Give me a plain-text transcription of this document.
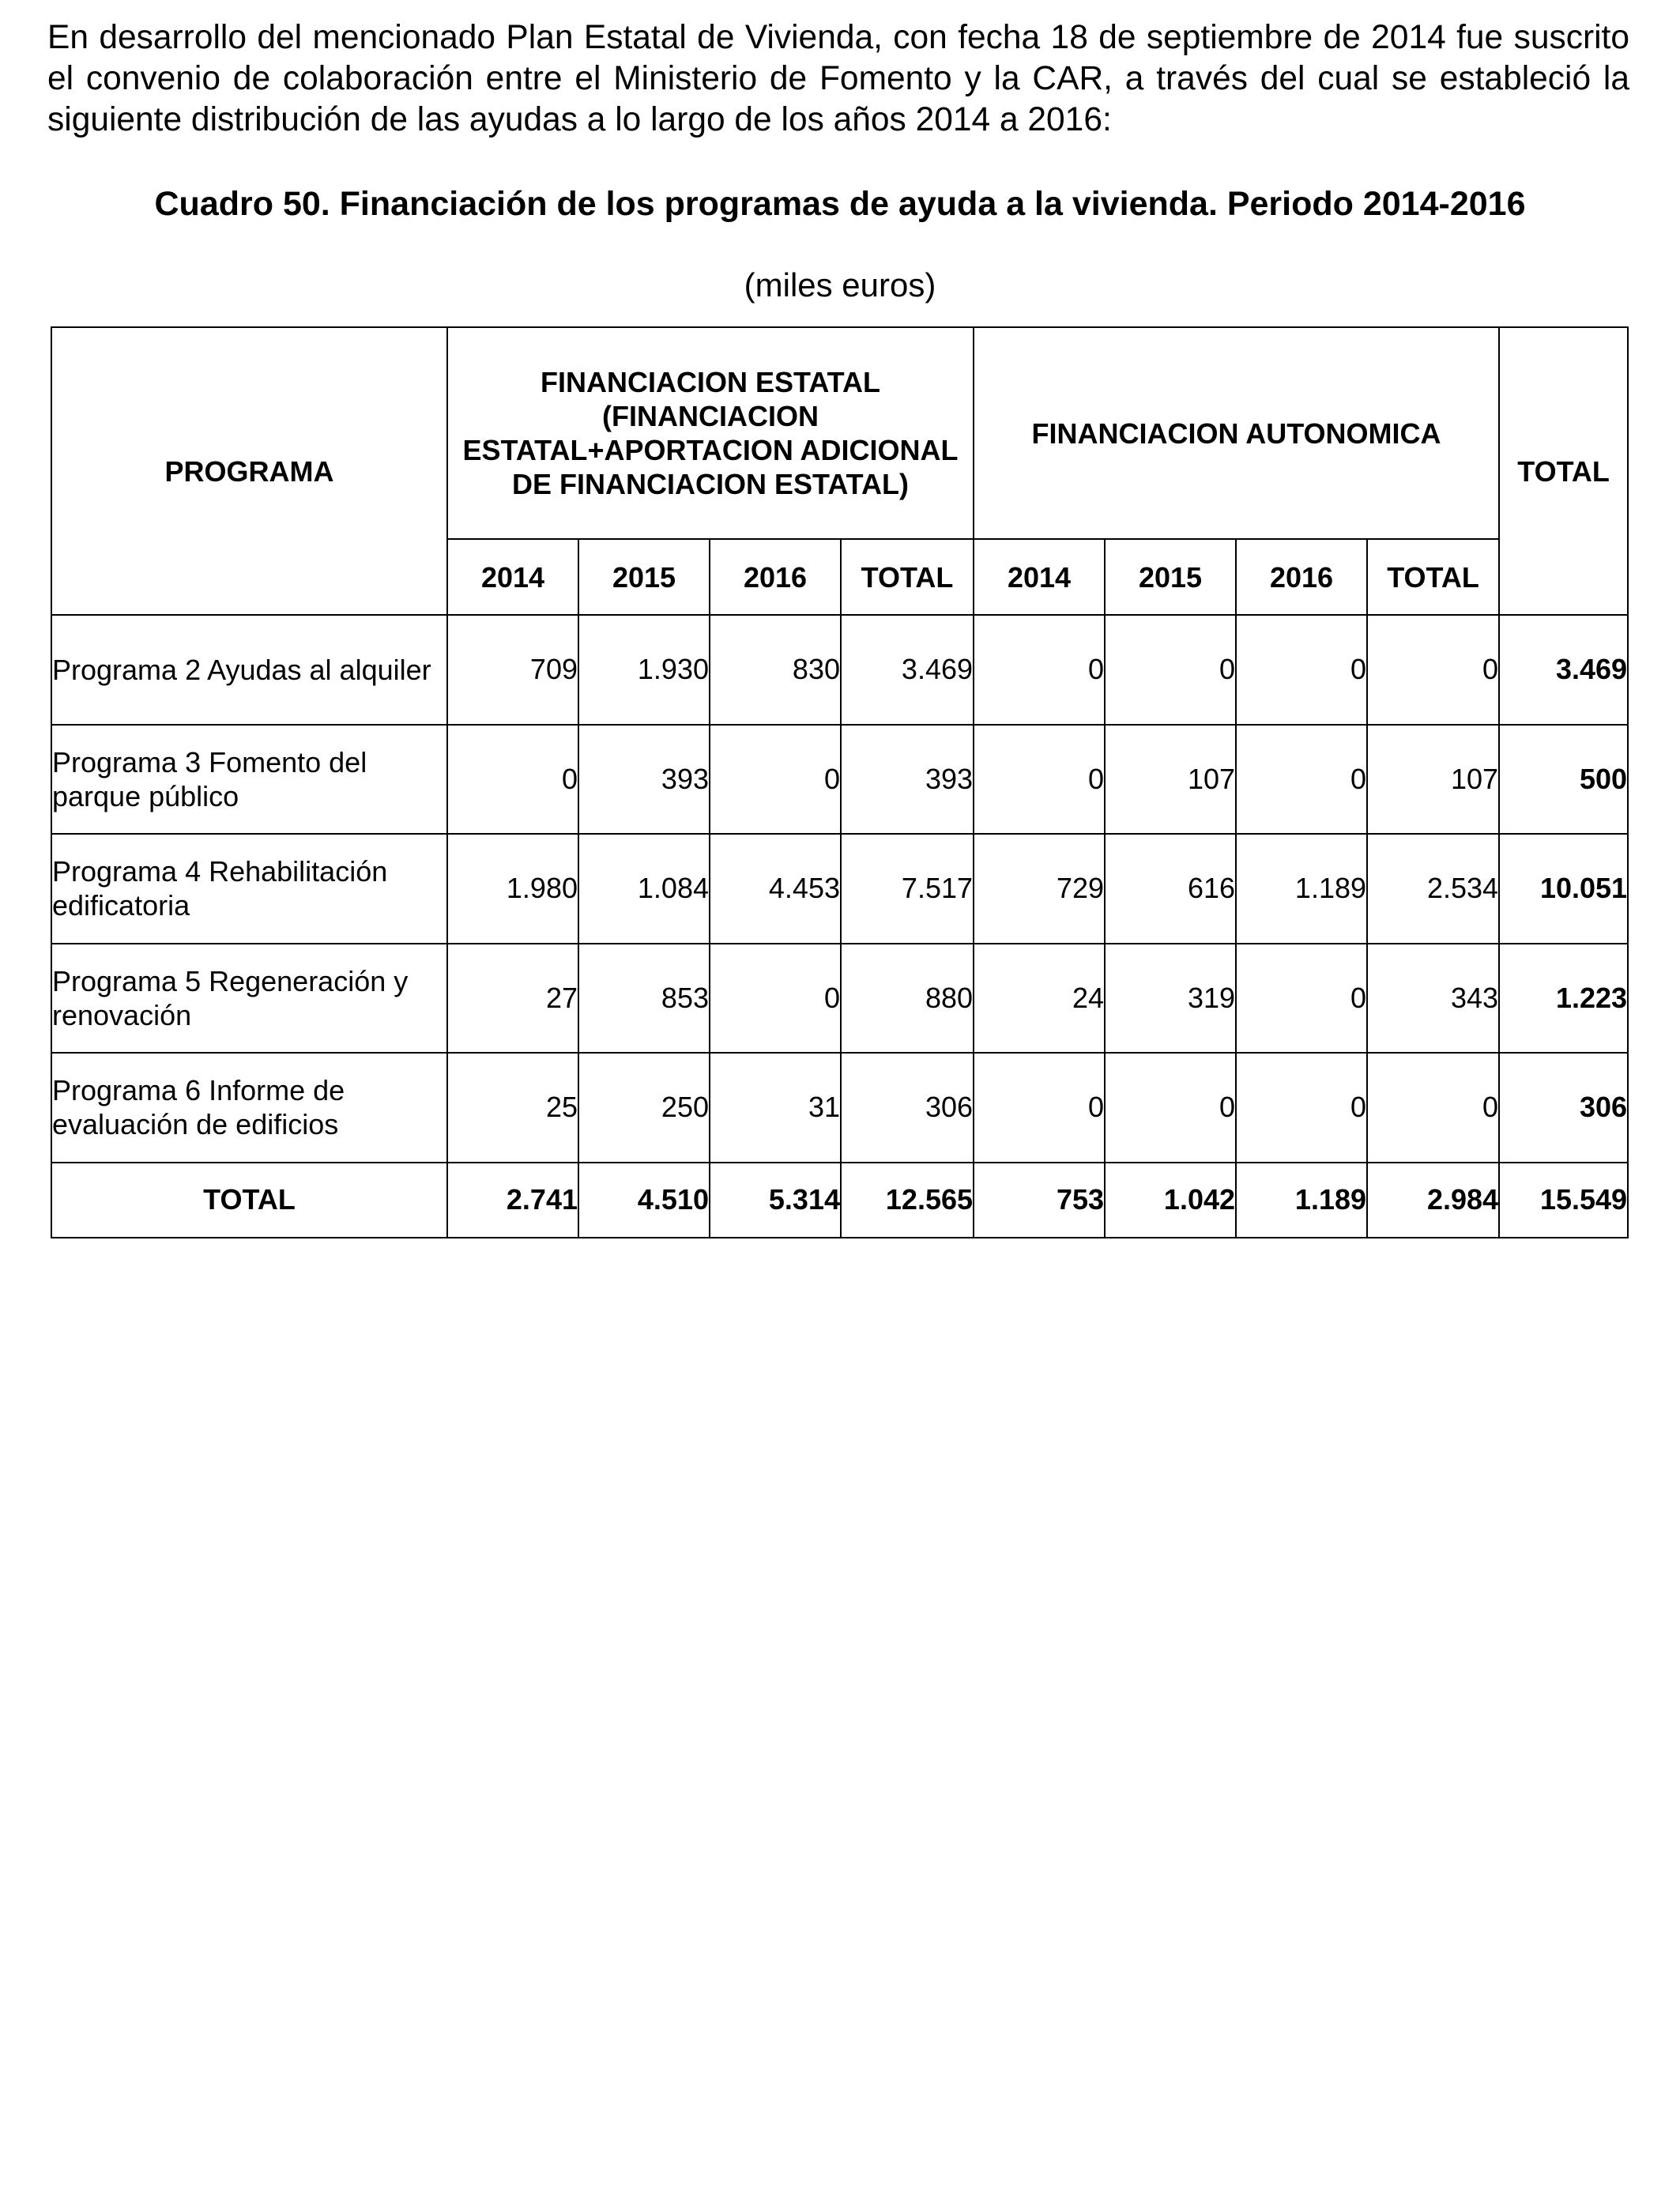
En desarrollo del mencionado Plan Estatal de Vivienda, con fecha 18 de septiembre de 2014 fue suscrito el convenio de colaboración entre el Ministerio de Fomento y la CAR, a través del cual se estableció la siguiente distribución de las ayudas a lo largo de los años 2014 a 2016:

Cuadro 50. Financiación de los programas de ayuda a la vivienda. Periodo 2014-2016

(miles euros)

PROGRAMA	FINANCIACION ESTATAL (FINANCIACION ESTATAL+APORTACION ADICIONAL DE FINANCIACION ESTATAL)				FINANCIACION AUTONOMICA				TOTAL
	2014	2015	2016	TOTAL	2014	2015	2016	TOTAL	
Programa 2 Ayudas al alquiler	709	1.930	830	3.469	0	0	0	0	3.469
Programa 3 Fomento del parque público	0	393	0	393	0	107	0	107	500
Programa 4 Rehabilitación edificatoria	1.980	1.084	4.453	7.517	729	616	1.189	2.534	10.051
Programa 5 Regeneración y renovación	27	853	0	880	24	319	0	343	1.223
Programa 6 Informe de evaluación de edificios	25	250	31	306	0	0	0	0	306
TOTAL	2.741	4.510	5.314	12.565	753	1.042	1.189	2.984	15.549
